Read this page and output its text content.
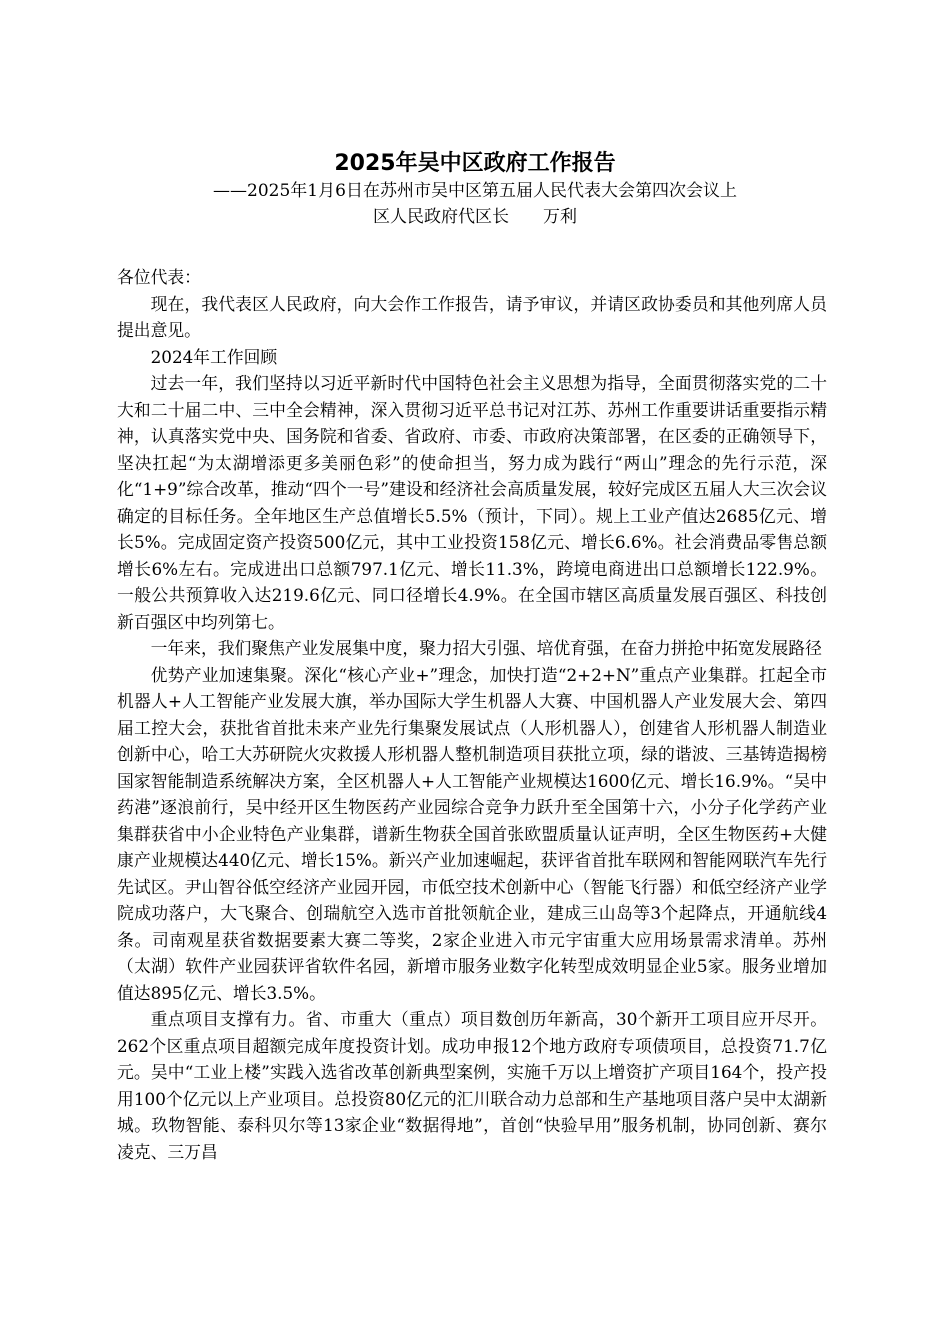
2025年吴中区政府工作报告

——2025年1月6日在苏州市吴中区第五届人民代表大会第四次会议上

区人民政府代区长　　万利

各位代表：

现在，我代表区人民政府，向大会作工作报告，请予审议，并请区政协委员和其他列席人员提出意见。

2024年工作回顾

过去一年，我们坚持以习近平新时代中国特色社会主义思想为指导，全面贯彻落实党的二十大和二十届二中、三中全会精神，深入贯彻习近平总书记对江苏、苏州工作重要讲话重要指示精神，认真落实党中央、国务院和省委、省政府、市委、市政府决策部署，在区委的正确领导下，坚决扛起“为太湖增添更多美丽色彩”的使命担当，努力成为践行“两山”理念的先行示范，深化“1+9”综合改革，推动“四个一号”建设和经济社会高质量发展，较好完成区五届人大三次会议确定的目标任务。全年地区生产总值增长5.5%（预计，下同）。规上工业产值达2685亿元、增长5%。完成固定资产投资500亿元，其中工业投资158亿元、增长6.6%。社会消费品零售总额增长6%左右。完成进出口总额797.1亿元、增长11.3%，跨境电商进出口总额增长122.9%。一般公共预算收入达219.6亿元、同口径增长4.9%。在全国市辖区高质量发展百强区、科技创新百强区中均列第七。

一年来，我们聚焦产业发展集中度，聚力招大引强、培优育强，在奋力拼抢中拓宽发展路径

优势产业加速集聚。深化“核心产业+”理念，加快打造“2+2+N”重点产业集群。扛起全市机器人+人工智能产业发展大旗，举办国际大学生机器人大赛、中国机器人产业发展大会、第四届工控大会，获批省首批未来产业先行集聚发展试点（人形机器人），创建省人形机器人制造业创新中心，哈工大苏研院火灾救援人形机器人整机制造项目获批立项，绿的谐波、三基铸造揭榜国家智能制造系统解决方案，全区机器人+人工智能产业规模达1600亿元、增长16.9%。“吴中药港”逐浪前行，吴中经开区生物医药产业园综合竞争力跃升至全国第十六，小分子化学药产业集群获省中小企业特色产业集群，谱新生物获全国首张欧盟质量认证声明，全区生物医药+大健康产业规模达440亿元、增长15%。新兴产业加速崛起，获评省首批车联网和智能网联汽车先行先试区。尹山智谷低空经济产业园开园，市低空技术创新中心（智能飞行器）和低空经济产业学院成功落户，大飞聚合、创瑞航空入选市首批领航企业，建成三山岛等3个起降点，开通航线4条。司南观星获省数据要素大赛二等奖，2家企业进入市元宇宙重大应用场景需求清单。苏州（太湖）软件产业园获评省软件名园，新增市服务业数字化转型成效明显企业5家。服务业增加值达895亿元、增长3.5%。

重点项目支撑有力。省、市重大（重点）项目数创历年新高，30个新开工项目应开尽开。262个区重点项目超额完成年度投资计划。成功申报12个地方政府专项债项目，总投资71.7亿元。吴中“工业上楼”实践入选省改革创新典型案例，实施千万以上增资扩产项目164个，投产投用100个亿元以上产业项目。总投资80亿元的汇川联合动力总部和生产基地项目落户吴中太湖新城。玖物智能、泰科贝尔等13家企业“数据得地”，首创“快验早用”服务机制，协同创新、赛尔凌克、三万昌
